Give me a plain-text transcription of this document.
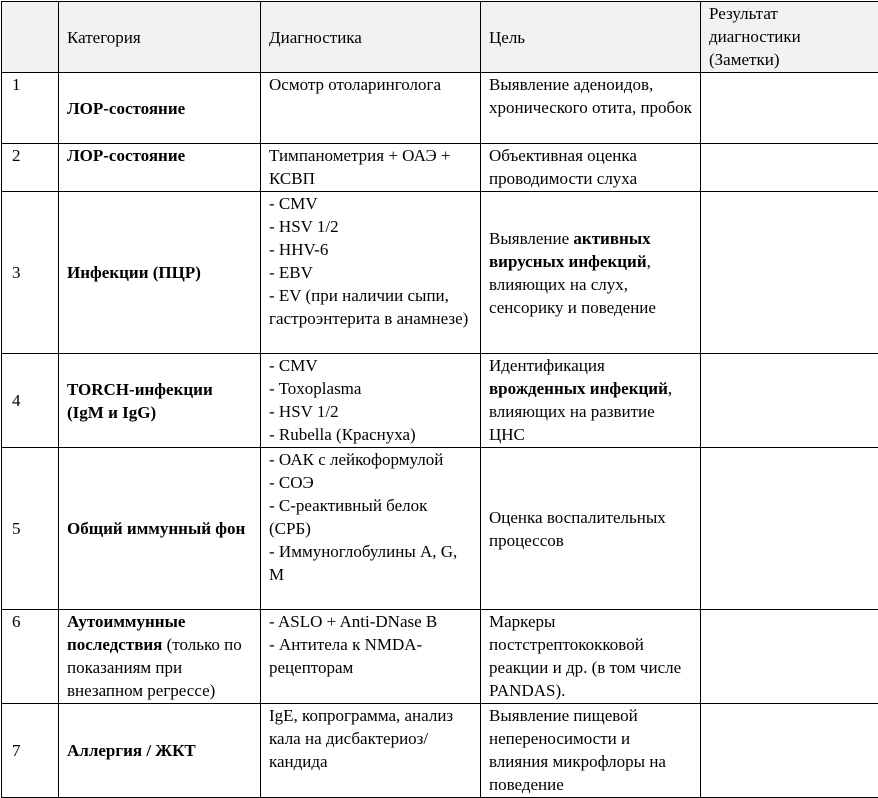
	Категория	Диагностика	Цель	Результат диагностики (Заметки)
1	ЛОР-состояние	Осмотр отоларинголога	Выявление аденоидов, хронического отита, пробок	
2	ЛОР-состояние	Тимпанометрия + ОАЭ + КСВП	Объективная оценка проводимости слуха	
3	Инфекции (ПЦР)	- CMV
- HSV 1/2
- HHV-6
- EBV
- EV (при наличии сыпи, гастроэнтерита в анамнезе)	Выявление активных вирусных инфекций, влияющих на слух, сенсорику и поведение	
4	TORCH-инфекции (IgM и IgG)	- CMV
- Toxoplasma
- HSV 1/2
- Rubella (Краснуха)	Идентификация врожденных инфекций, влияющих на развитие ЦНС	
5	Общий иммунный фон	- ОАК с лейкоформулой
- СОЭ
- С-реактивный белок (СРБ)
- Иммуноглобулины A, G, M	Оценка воспалительных процессов	
6	Аутоиммунные последствия (только по показаниям при внезапном регрессе)	- ASLO + Anti-DNase B
- Антитела к NMDA-рецепторам	Маркеры постстрептококковой реакции и др. (в том числе PANDAS).	
7	Аллергия / ЖКТ	IgE, копрограмма, анализ кала на дисбактериоз/кандида	Выявление пищевой непереносимости и влияния микрофлоры на поведение	
